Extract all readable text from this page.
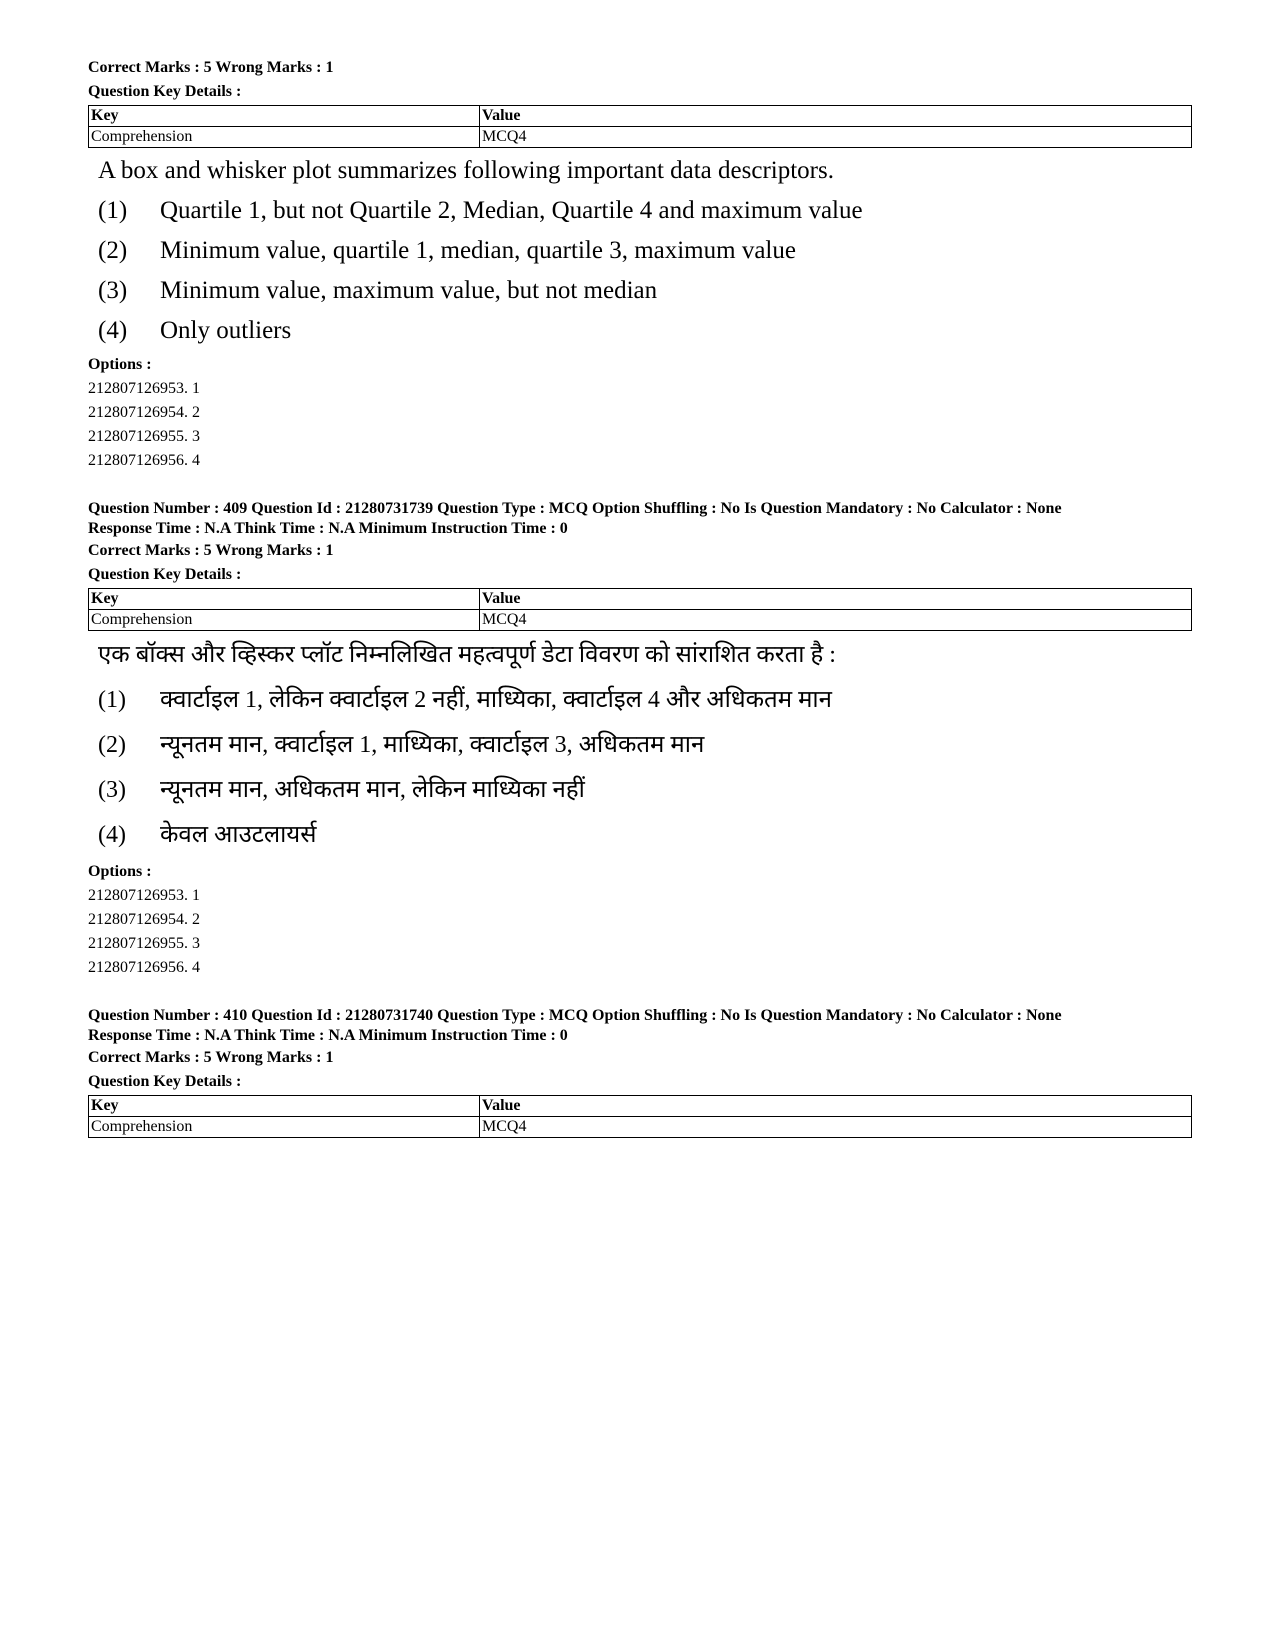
Correct Marks : 5 Wrong Marks : 1
Question Key Details :
Key	Value
Comprehension	MCQ4
A box and whisker plot summarizes following important data descriptors.
(1)	Quartile 1, but not Quartile 2, Median, Quartile 4 and maximum value
(2)	Minimum value, quartile 1, median, quartile 3, maximum value
(3)	Minimum value, maximum value, but not median
(4)	Only outliers
Options :
212807126953. 1
212807126954. 2
212807126955. 3
212807126956. 4
Question Number : 409 Question Id : 21280731739 Question Type : MCQ Option Shuffling : No Is Question Mandatory : No Calculator : None
Response Time : N.A Think Time : N.A Minimum Instruction Time : 0
Correct Marks : 5 Wrong Marks : 1
Question Key Details :
Key	Value
Comprehension	MCQ4
एक बॉक्स और व्हिस्कर प्लॉट निम्नलिखित महत्वपूर्ण डेटा विवरण को सांराशित करता है :
(1)	क्वार्टाइल 1, लेकिन क्वार्टाइल 2 नहीं, माध्यिका, क्वार्टाइल 4 और अधिकतम मान
(2)	न्यूनतम मान, क्वार्टाइल 1, माध्यिका, क्वार्टाइल 3, अधिकतम मान
(3)	न्यूनतम मान, अधिकतम मान, लेकिन माध्यिका नहीं
(4)	केवल आउटलायर्स
Options :
212807126953. 1
212807126954. 2
212807126955. 3
212807126956. 4
Question Number : 410 Question Id : 21280731740 Question Type : MCQ Option Shuffling : No Is Question Mandatory : No Calculator : None
Response Time : N.A Think Time : N.A Minimum Instruction Time : 0
Correct Marks : 5 Wrong Marks : 1
Question Key Details :
Key	Value
Comprehension	MCQ4
